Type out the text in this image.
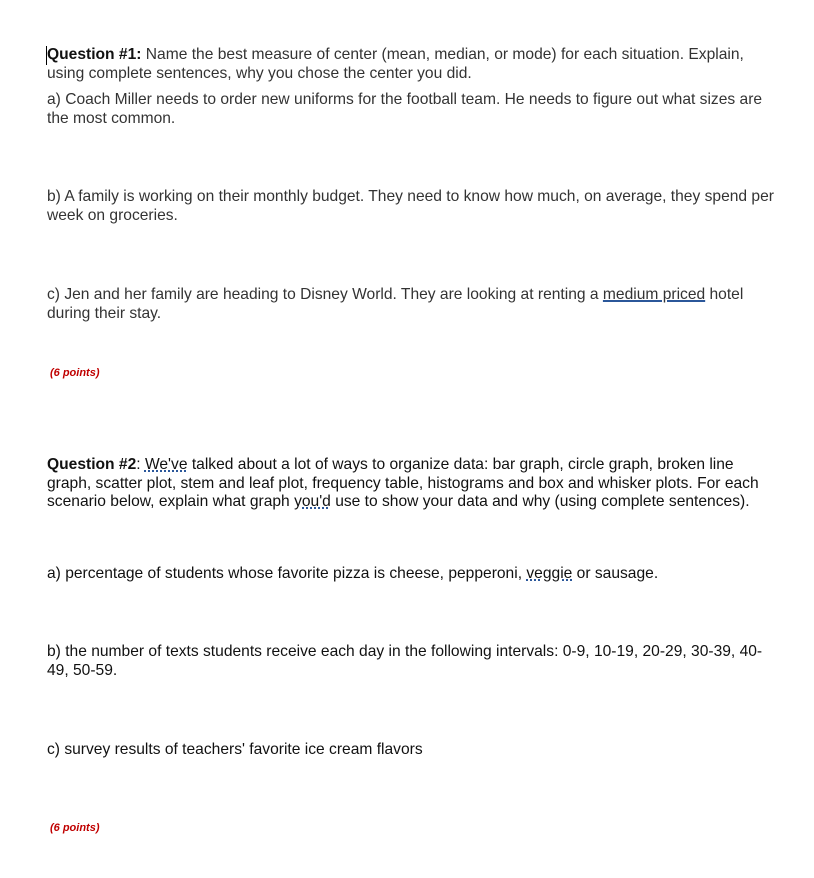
Question #1: Name the best measure of center (mean, median, or mode) for each situation. Explain, using complete sentences, why you chose the center you did.

a) Coach Miller needs to order new uniforms for the football team. He needs to figure out what sizes are the most common.

b) A family is working on their monthly budget. They need to know how much, on average, they spend per week on groceries.

c) Jen and her family are heading to Disney World. They are looking at renting a medium priced hotel during their stay.

(6 points)

Question #2: We've talked about a lot of ways to organize data: bar graph, circle graph, broken line graph, scatter plot, stem and leaf plot, frequency table, histograms and box and whisker plots. For each scenario below, explain what graph you'd use to show your data and why (using complete sentences).

a) percentage of students whose favorite pizza is cheese, pepperoni, veggie or sausage.

b) the number of texts students receive each day in the following intervals: 0-9, 10-19, 20-29, 30-39, 40-49, 50-59.

c) survey results of teachers' favorite ice cream flavors

(6 points)
